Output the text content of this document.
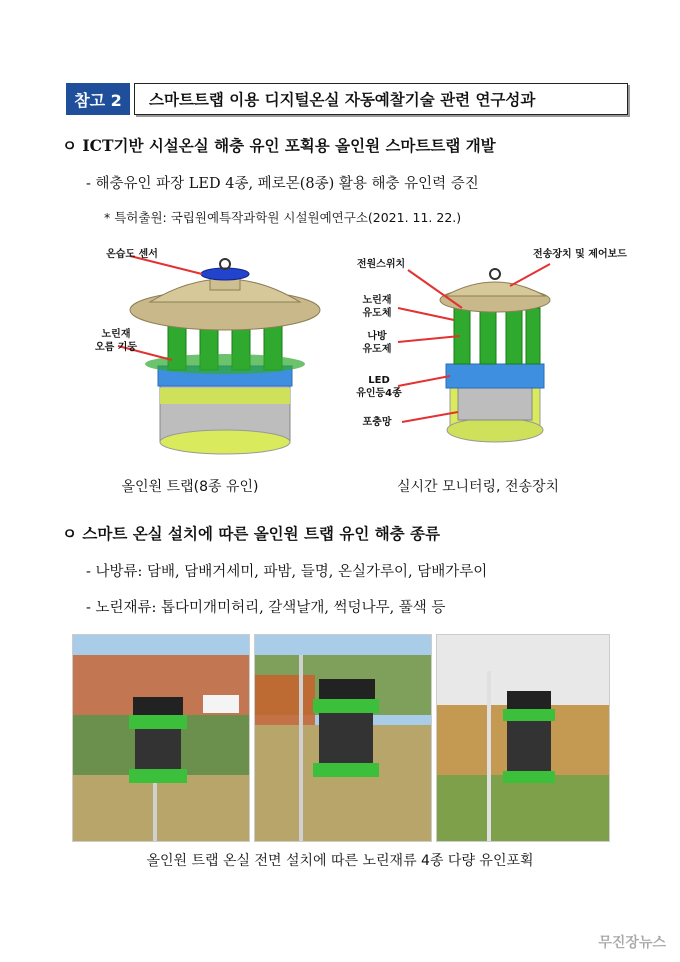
참고 2	스마트트랩 이용 디지털온실 자동예찰기술 관련 연구성과
ㅇ ICT기반 시설온실 해충 유인 포획용 올인원 스마트트랩 개발
- 해충유인 파장 LED 4종, 페로몬(8종) 활용 해충 유인력 증진
* 특허출원: 국립원예특작과학원 시설원예연구소(2021. 11. 22.)
온습도 센서
노린재
오름 기둥
올인원 트랩(8종 유인)
전원스위치
전송장치 및 제어보드
노린재
유도체
나방
유도제
LED
유인등4종
포충망
실시간 모니터링, 전송장치
ㅇ 스마트 온실 설치에 따른 올인원 트랩 유인 해충 종류
- 나방류: 담배, 담배거세미, 파밤, 들명, 온실가루이, 담배가루이
- 노린재류: 톱다미개미허리, 갈색날개, 썩덩나무, 풀색 등
올인원 트랩 온실 전면 설치에 따른 노린재류 4종 다량 유인포획
무진장뉴스
